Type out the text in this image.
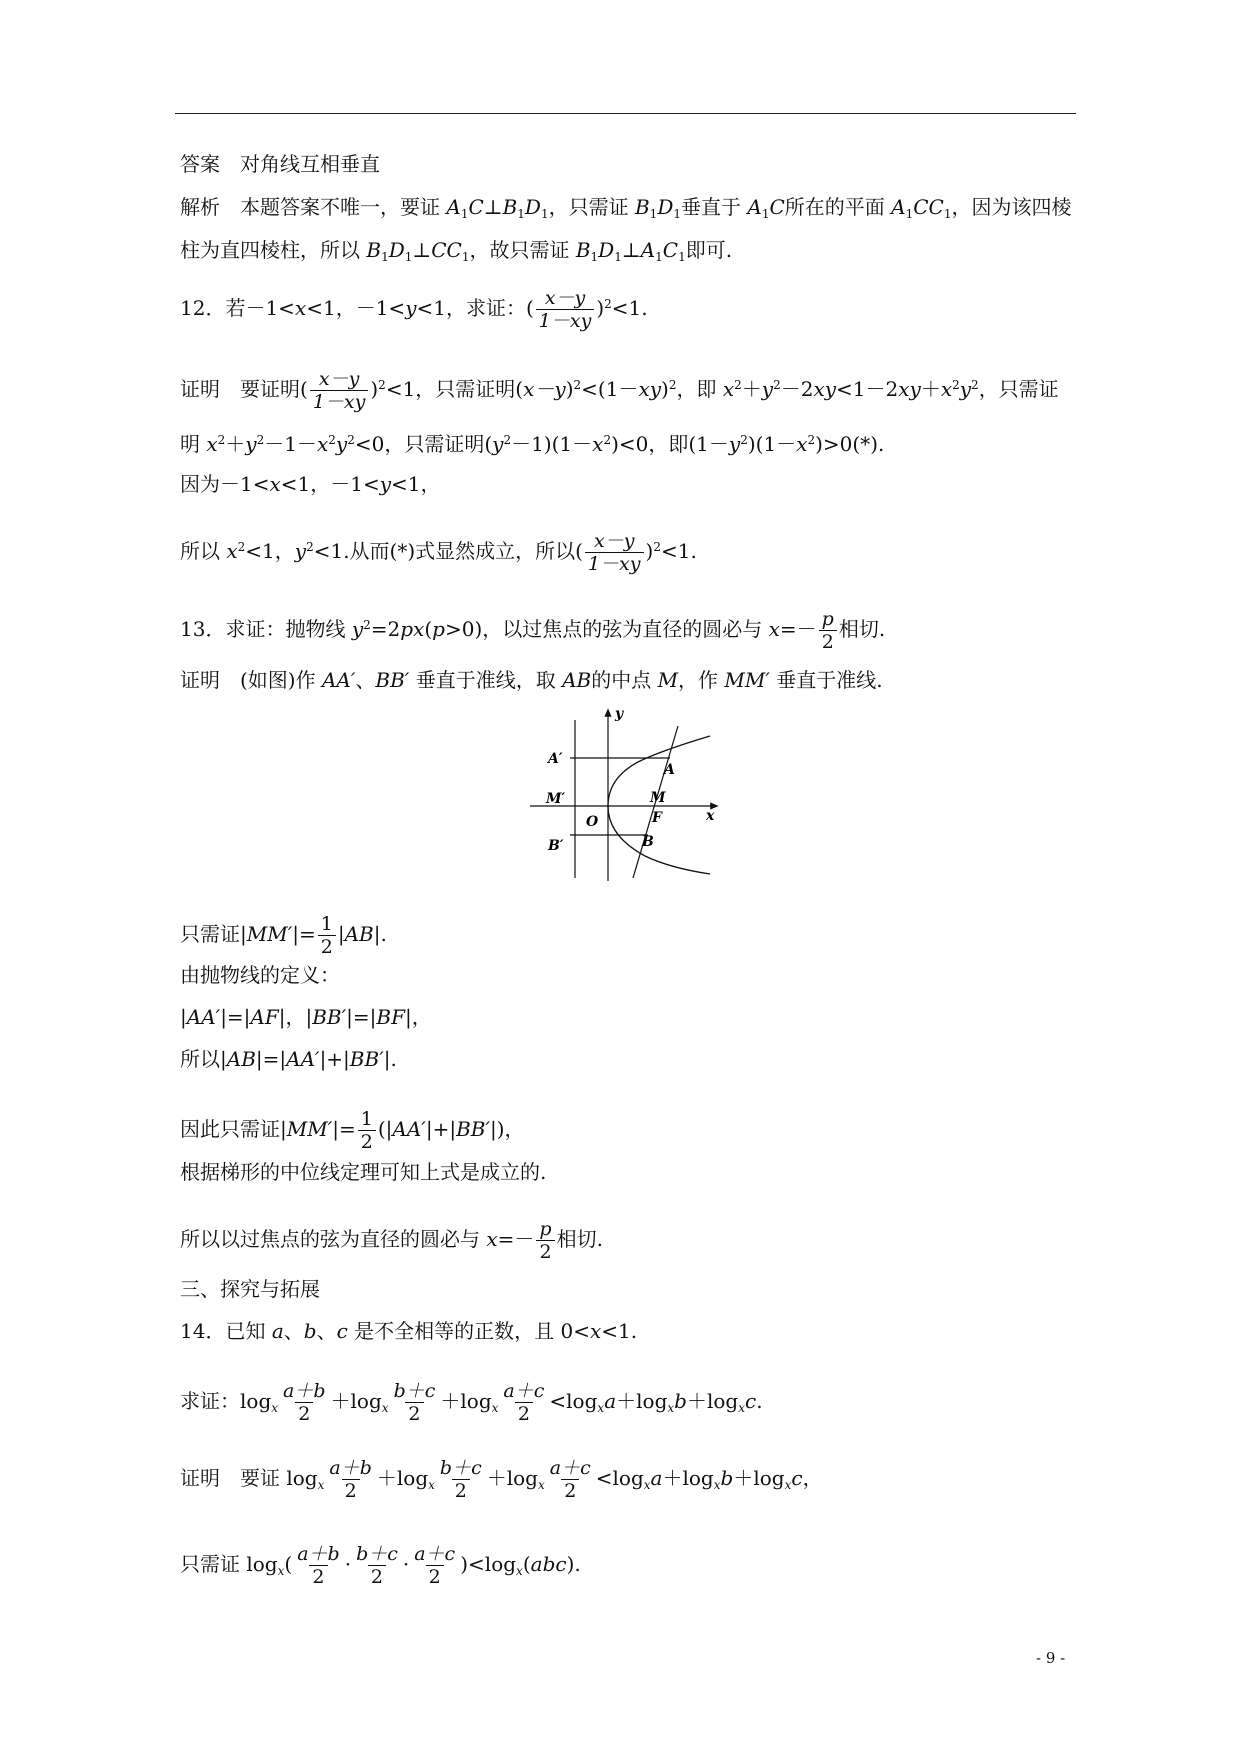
答案 对角线互相垂直
解析 本题答案不唯一，要证 $A_1C\perp B_1D_1$，只需证 $B_1D_1$垂直于 $A_1C$所在的平面 $A_1CC_1$，因为该四棱
柱为直四棱柱，所以 $B_1D_1\perp CC_1$，故只需证 $B_1D_1\perp A_1C_1$即可.
12．若－1<x<1，－1<y<1，求证：( $\frac{x-y}{1-xy} )^2<1$.
证明 要证明( $\frac{x-y}{1-xy} )^2<1$，只需证明$(x-y)^2<(1-xy)^2$，即 $x^2+y^2-2xy<1-2xy+x^2y^2$，只需证
明 $x^2+y^2-1-x^2y^2<0$，只需证明$(y^2-1)(1-x^2)<0$，即$(1-y^2)(1-x^2)>0(*)$.
因为－1<x<1，－1<y<1，
所以 $x^2<1$，$y^2<1$.从而(*)式显然成立，所以( $\frac{x-y}{1-xy} )^2<1$.
13．求证：抛物线 $y^2=2px(p>0)$，以过焦点的弦为直径的圆必与 $x=- \frac{p}{2}$ 相切.
证明 (如图)作 AA′、BB′ 垂直于准线，取 AB的中点 M，作 MM′ 垂直于准线.
y
x
A′
A
M′	M
O	F
B′	B
只需证$|MM'|= \frac{1}{2} |AB|$.
由抛物线的定义：
|AA′|=|AF|，|BB′|=|BF|，
所以|AB|=|AA′|+|BB′|.
因此只需证$|MM'|= \frac{1}{2} (|AA'|+|BB'|)$，
根据梯形的中位线定理可知上式是成立的.
所以以过焦点的弦为直径的圆必与 $x=- \frac{p}{2}$ 相切.
三、探究与拓展
14．已知 a、b、c 是不全相等的正数，且 0<x<1.
求证：$\log_x \frac{a+b}{2} +\log_x \frac{b+c}{2} +\log_x \frac{a+c}{2} <\log_xa+\log_xb+\log_xc$.
证明 要证 $\log_x \frac{a+b}{2} +\log_x \frac{b+c}{2} +\log_x \frac{a+c}{2} <\log_xa+\log_xb+\log_xc$，
只需证 $\log_x( \frac{a+b}{2} \cdot \frac{b+c}{2} \cdot \frac{a+c}{2} )<\log_x(abc)$.
- 9 -
